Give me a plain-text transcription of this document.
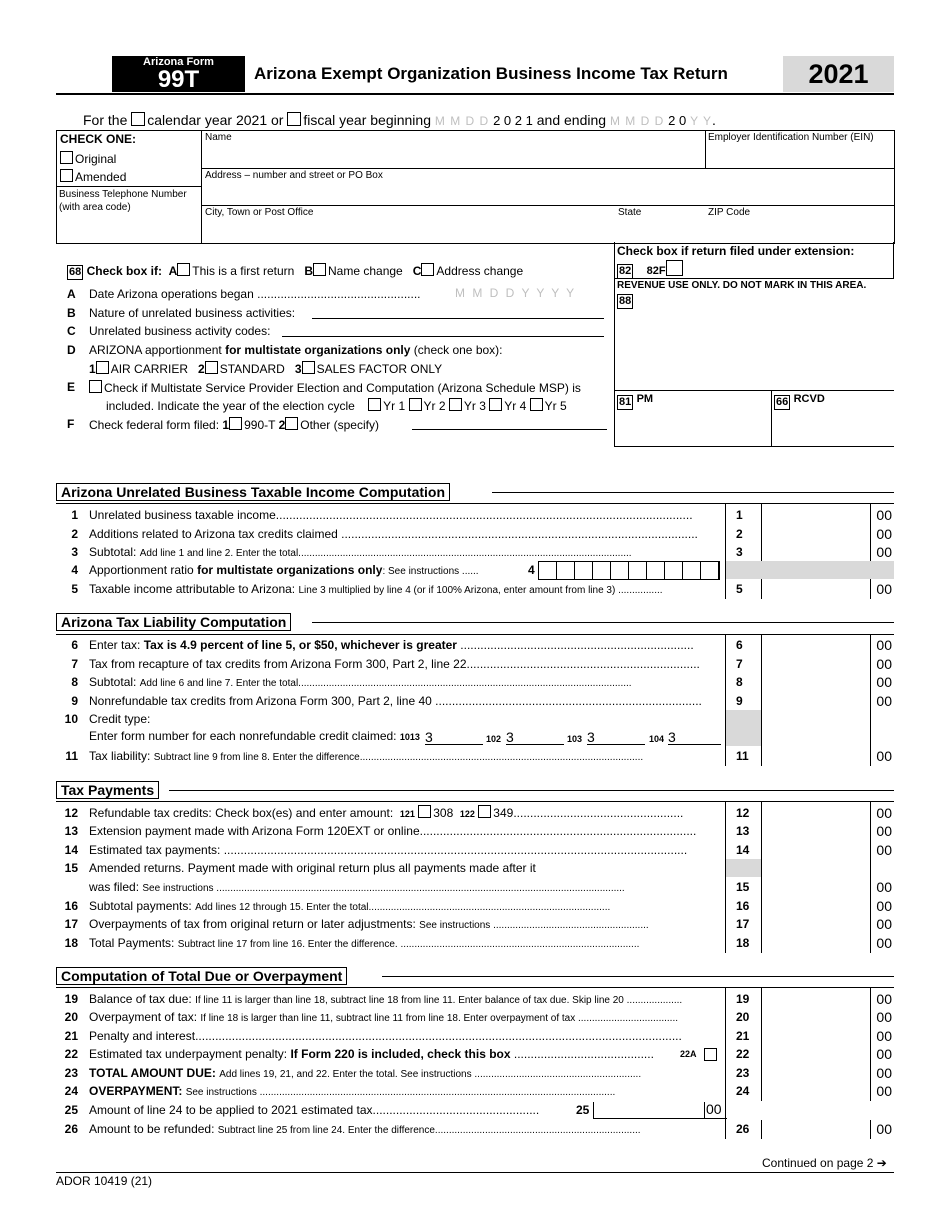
Arizona Form
99T	Arizona Exempt Organization Business Income Tax Return	2021
For the calendar year 2021 or fiscal year beginning M M D D 2 0 2 1 and ending M M D D 2 0 Y Y.
CHECK ONE:
Original
Amended
Business Telephone Number (with area code)
Name	Employer Identification Number (EIN)
Address – number and street or PO Box
City, Town or Post Office	State	ZIP Code
Check box if return filed under extension:
82 82F
REVENUE USE ONLY. DO NOT MARK IN THIS AREA.
88
81 PM	66 RCVD
68 Check box if: A This is a first return B Name change C Address change
A Date Arizona operations began .................................................	M M D D Y Y Y Y
B Nature of unrelated business activities:
C Unrelated business activity codes:
D ARIZONA apportionment for multistate organizations only (check one box):
1 AIR CARRIER 2 STANDARD 3 SALES FACTOR ONLY
E	Check if Multistate Service Provider Election and Computation (Arizona Schedule MSP) is
included. Indicate the year of the election cycle Yr 1 Yr 2 Yr 3 Yr 4 Yr 5
F Check federal form filed: 1 990-T 2 Other (specify)
Arizona Unrelated Business Taxable Income Computation
Arizona Tax Liability Computation
Tax Payments
Computation of Total Due or Overpayment
1 Unrelated business taxable income.............................................................................................................................	1	00
2 Additions related to Arizona tax credits claimed ...........................................................................................................	2	00
3 Subtotal: Add line 1 and line 2. Enter the total........................................................................................................................	3	00
4 Apportionment ratio for multistate organizations only: See instructions ......	4
5 Taxable income attributable to Arizona: Line 3 multiplied by line 4 (or if 100% Arizona, enter amount from line 3) ................	5	00
6 Enter tax: Tax is 4.9 percent of line 5, or $50, whichever is greater ......................................................................	6	00
7 Tax from recapture of tax credits from Arizona Form 300, Part 2, line 22......................................................................	7	00
8 Subtotal: Add line 6 and line 7. Enter the total........................................................................................................................	8	00
9 Nonrefundable tax credits from Arizona Form 300, Part 2, line 40 ................................................................................	9	00
10 Credit type:
Enter form number for each nonrefundable credit claimed: 1013 3	102 3	103 3	104 3
11 Tax liability: Subtract line 9 from line 8. Enter the difference......................................................................................................	11	00
12 Refundable tax credits: Check box(es) and enter amount: 121 308 122 349...................................................	12	00
13 Extension payment made with Arizona Form 120EXT or online...................................................................................	13	00
14 Estimated tax payments: ...........................................................................................................................................	14	00
15 Amended returns. Payment made with original return plus all payments made after it
was filed: See instructions ...................................................................................................................................................	15	00
16 Subtotal payments: Add lines 12 through 15. Enter the total.......................................................................................	16	00
17 Overpayments of tax from original return or later adjustments: See instructions ........................................................	17	00
18 Total Payments: Subtract line 17 from line 16. Enter the difference. ......................................................................................	18	00
19 Balance of tax due: If line 11 is larger than line 18, subtract line 18 from line 11. Enter balance of tax due. Skip line 20 ....................	19	00
20 Overpayment of tax: If line 18 is larger than line 11, subtract line 11 from line 18. Enter overpayment of tax ....................................	20	00
21 Penalty and interest..................................................................................................................................................	21	00
22 Estimated tax underpayment penalty: If Form 220 is included, check this box ..........................................	22A	22	00
23 TOTAL AMOUNT DUE: Add lines 19, 21, and 22. Enter the total. See instructions ............................................................	23	00
24 OVERPAYMENT: See instructions ................................................................................................................................	24	00
25 Amount of line 24 to be applied to 2021 estimated tax..................................................	25	00
26 Amount to be refunded: Subtract line 25 from line 24. Enter the difference..........................................................................	26	00
Continued on page 2 ➔
ADOR 10419 (21)
